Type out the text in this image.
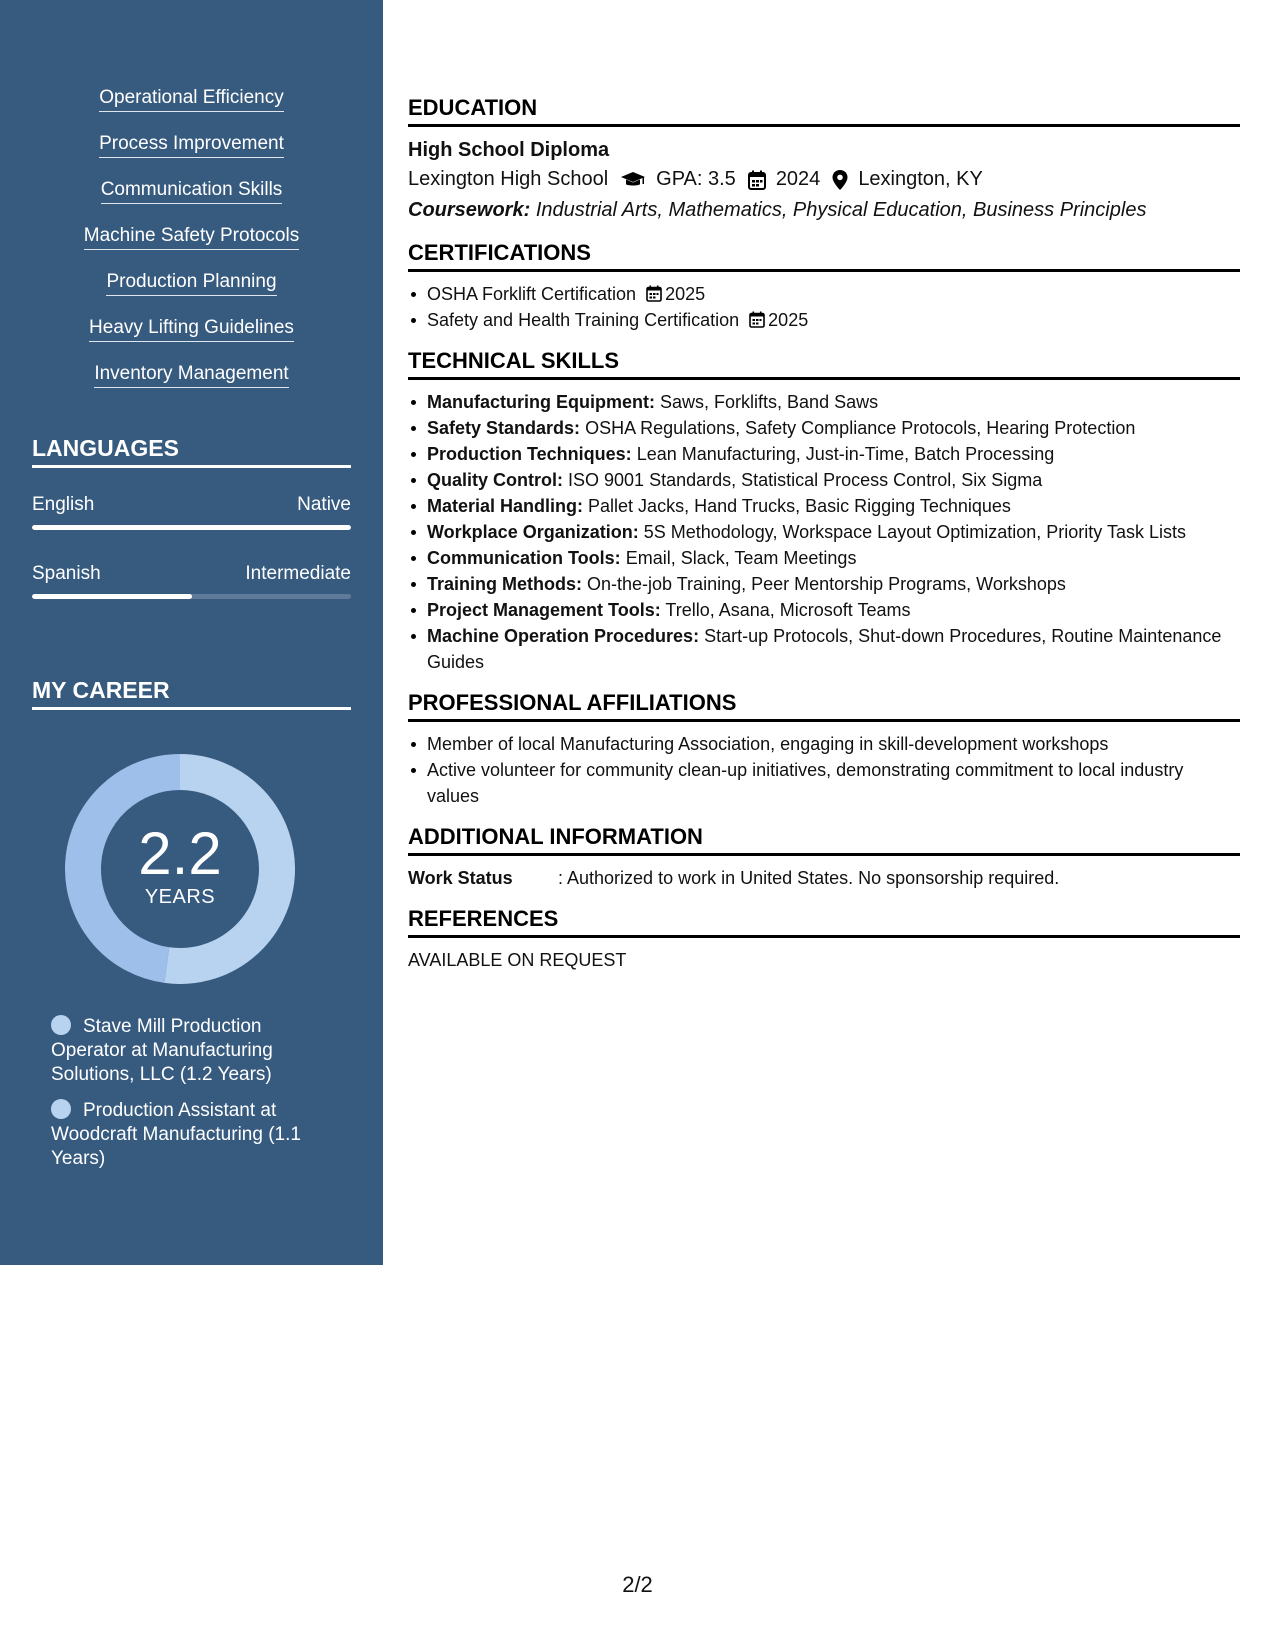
Operational Efficiency
Process Improvement
Communication Skills
Machine Safety Protocols
Production Planning
Heavy Lifting Guidelines
Inventory Management
LANGUAGES
English	Native
Spanish	Intermediate
MY CAREER
2.2
YEARS
Stave Mill Production Operator at Manufacturing Solutions, LLC (1.2 Years)
Production Assistant at Woodcraft Manufacturing (1.1 Years)
EDUCATION
High School Diploma
Lexington High School GPA: 3.5 2024 Lexington, KY
Coursework: Industrial Arts, Mathematics, Physical Education, Business Principles
CERTIFICATIONS
OSHA Forklift Certification 2025
Safety and Health Training Certification 2025
TECHNICAL SKILLS
Manufacturing Equipment: Saws, Forklifts, Band Saws
Safety Standards: OSHA Regulations, Safety Compliance Protocols, Hearing Protection
Production Techniques: Lean Manufacturing, Just-in-Time, Batch Processing
Quality Control: ISO 9001 Standards, Statistical Process Control, Six Sigma
Material Handling: Pallet Jacks, Hand Trucks, Basic Rigging Techniques
Workplace Organization: 5S Methodology, Workspace Layout Optimization, Priority Task Lists
Communication Tools: Email, Slack, Team Meetings
Training Methods: On-the-job Training, Peer Mentorship Programs, Workshops
Project Management Tools: Trello, Asana, Microsoft Teams
Machine Operation Procedures: Start-up Protocols, Shut-down Procedures, Routine Maintenance Guides
PROFESSIONAL AFFILIATIONS
Member of local Manufacturing Association, engaging in skill-development workshops
Active volunteer for community clean-up initiatives, demonstrating commitment to local industry values
ADDITIONAL INFORMATION
Work Status	: Authorized to work in United States. No sponsorship required.
REFERENCES
AVAILABLE ON REQUEST
2/2
